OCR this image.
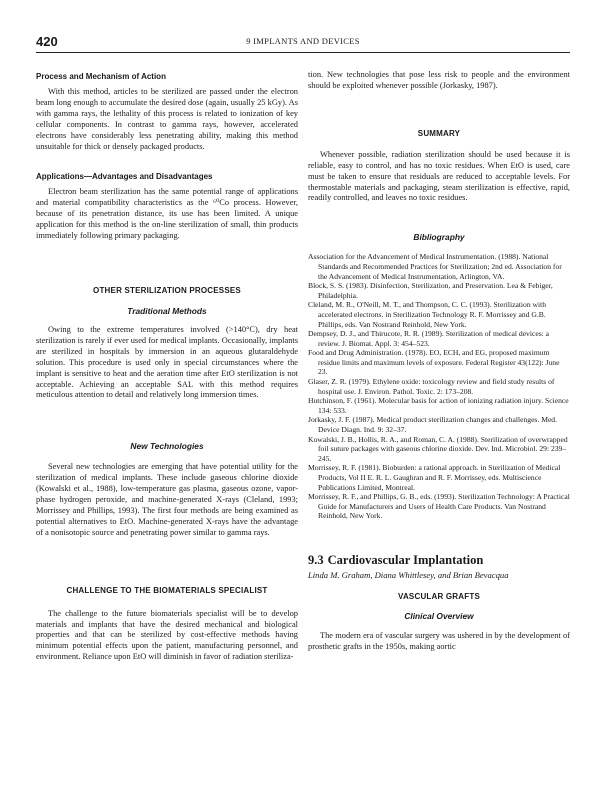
420	9 IMPLANTS AND DEVICES
Process and Mechanism of Action

With this method, articles to be sterilized are passed under the electron beam long enough to accumulate the desired dose (again, usually 25 kGy). As with gamma rays, the lethality of this process is related to ionization of key cellular components. In contrast to gamma rays, however, accelerated electrons have considerably less penetrating ability, making this method unsuitable for thick or densely packaged products.

Applications—Advantages and Disadvantages

Electron beam sterilization has the same potential range of applications and material compatibility characteristics as the ⁶⁰Co process. However, because of its penetration distance, its use has been limited. A unique application for this method is the on-line sterilization of small, thin products immediately following primary packaging.

OTHER STERILIZATION PROCESSES
Traditional Methods

Owing to the extreme temperatures involved (>140°C), dry heat sterilization is rarely if ever used for medical implants. Occasionally, implants are sterilized in hospitals by immersion in an aqueous glutaraldehyde solution. This procedure is used only in special circumstances where the implant is sensitive to heat and the aeration time after EtO sterilization is not acceptable. Achieving an acceptable SAL with this method requires meticulous attention to detail and relatively long immersion times.

New Technologies

Several new technologies are emerging that have potential utility for the sterilization of medical implants. These include gaseous chlorine dioxide (Kowalski et al., 1988), low-temperature gas plasma, gaseous ozone, vapor-phase hydrogen peroxide, and machine-generated X-rays (Cleland, 1993; Morrissey and Phillips, 1993). The first four methods are being examined as potential alternatives to EtO. Machine-generated X-rays have the advantage of a nonisotopic source and penetrating power similar to gamma rays.

CHALLENGE TO THE BIOMATERIALS SPECIALIST

The challenge to the future biomaterials specialist will be to develop materials and implants that have the desired mechanical and biological properties and that can be sterilized by cost-effective methods having minimum potential effects upon the patient, manufacturing personnel, and environment. Reliance upon EtO will diminish in favor of radiation steriliza-

tion. New technologies that pose less risk to people and the environment should be exploited whenever possible (Jorkasky, 1987).

SUMMARY

Whenever possible, radiation sterilization should be used because it is reliable, easy to control, and has no toxic residues. When EtO is used, care must be taken to ensure that residuals are reduced to acceptable levels. For thermostable materials and packaging, steam sterilization is effective, rapid, readily controlled, and leaves no toxic residues.

Bibliography

Association for the Advancement of Medical Instrumentation. (1988). National Standards and Recommended Practices for Sterilization; 2nd ed. Association for the Advancement of Medical Instrumentation, Arlington, VA.

Block, S. S. (1983). Disinfection, Sterilization, and Preservation. Lea & Febiger, Philadelphia.

Cleland, M. R., O'Neill, M. T., and Thompson, C. C. (1993). Sterilization with accelerated electrons. in Sterilization Technology R. F. Morrissey and G.B. Phillips, eds. Van Nostrand Reinhold, New York.

Dempsey, D. J., and Thirucote, R. R. (1989). Sterilization of medical devices: a review. J. Biomat. Appl. 3: 454–523.

Food and Drug Administration. (1978). EO, ECH, and EG, proposed maximum residue limits and maximum levels of exposure. Federal Register 43(122): June 23.

Glaser, Z. R. (1979). Ethylene oxide: toxicology review and field study results of hospital use. J. Environ. Pathol. Toxic. 2: 173–208.

Hutchinson, F. (1961). Molecular basis for action of ionizing radiation injury. Science 134: 533.

Jorkasky, J. F. (1987). Medical product sterilization changes and challenges. Med. Device Diagn. Ind. 9: 32–37.

Kowalski, J. B., Hollis, R. A., and Roman, C. A. (1988). Sterilization of overwrapped foil suture packages with gaseous chlorine dioxide. Dev. Ind. Microbiol. 29: 239–245.

Morrissey, R. F. (1981). Bioburden: a rational approach. in Sterilization of Medical Products, Vol II E. R. L. Gaughran and R. F. Morrissey, eds. Multiscience Publications Limited, Montreal.

Morrissey, R. F., and Phillips, G. B., eds. (1993). Sterilization Technology: A Practical Guide for Manufacturers and Users of Health Care Products. Van Nostrand Reinhold, New York.

9.3 Cardiovascular Implantation
Linda M. Graham, Diana Whittlesey, and Brian Bevacqua
VASCULAR GRAFTS
Clinical Overview

The modern era of vascular surgery was ushered in by the development of prosthetic grafts in the 1950s, making aortic
